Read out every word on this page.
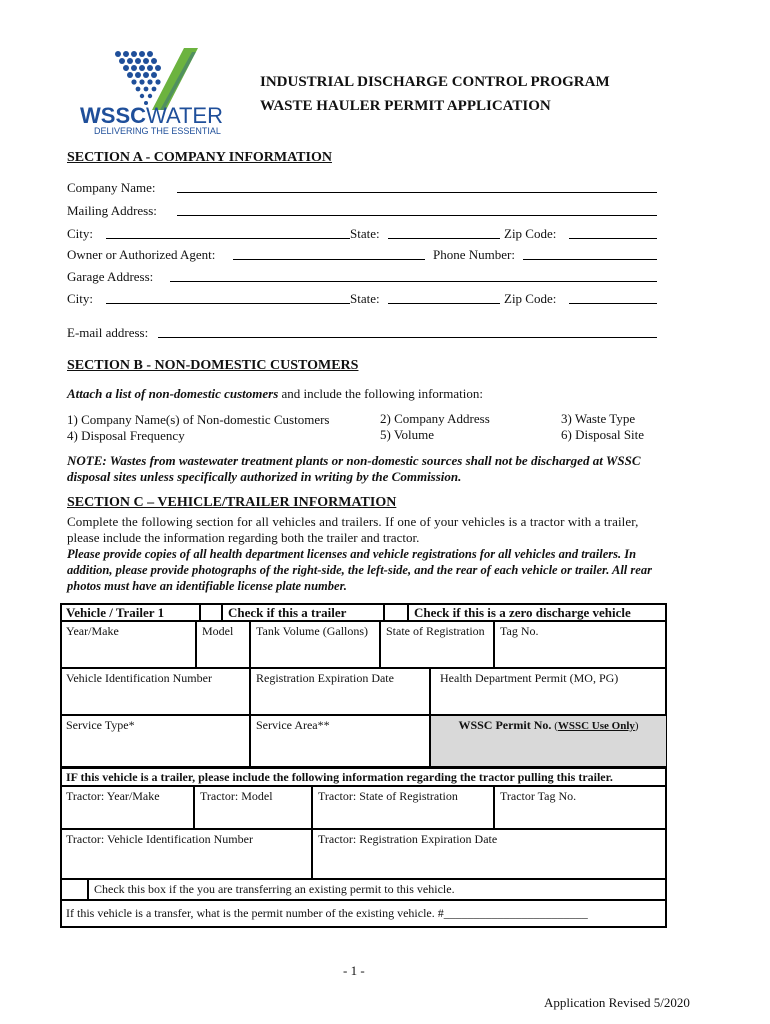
WSSCWATER
DELIVERING THE ESSENTIAL
INDUSTRIAL DISCHARGE CONTROL PROGRAM
WASTE HAULER PERMIT APPLICATION
SECTION A - COMPANY INFORMATION
Company Name:
Mailing Address:
City:	State:	Zip Code:
Owner or Authorized Agent:	Phone Number:
Garage Address:
City:	State:	Zip Code:
E-mail address:
SECTION B - NON-DOMESTIC CUSTOMERS
Attach a list of non-domestic customers and include the following information:
1) Company Name(s) of Non-domestic Customers
4) Disposal Frequency
2) Company Address
5) Volume
3) Waste Type
6) Disposal Site
NOTE: Wastes from wastewater treatment plants or non-domestic sources shall not be discharged at WSSC
disposal sites unless specifically authorized in writing by the Commission.
SECTION C – VEHICLE/TRAILER INFORMATION
Complete the following section for all vehicles and trailers. If one of your vehicles is a tractor with a trailer,
please include the information regarding both the trailer and tractor.
Please provide copies of all health department licenses and vehicle registrations for all vehicles and trailers. In
addition, please provide photographs of the right-side, the left-side, and the rear of each vehicle or trailer. All rear
photos must have an identifiable license plate number.
Vehicle / Trailer 1	Check if this a trailer	Check if this is a zero discharge vehicle
Year/Make	Model	Tank Volume (Gallons)	State of Registration	Tag No.
Vehicle Identification Number	Registration Expiration Date	Health Department Permit (MO, PG)
Service Type*	Service Area**	WSSC Permit No. (WSSC Use Only)
IF this vehicle is a trailer, please include the following information regarding the tractor pulling this trailer.
Tractor: Year/Make	Tractor: Model	Tractor: State of Registration	Tractor Tag No.
Tractor: Vehicle Identification Number	Tractor: Registration Expiration Date
Check this box if the you are transferring an existing permit to this vehicle.
If this vehicle is a transfer, what is the permit number of the existing vehicle. #________________________
- 1 -
Application Revised 5/2020
